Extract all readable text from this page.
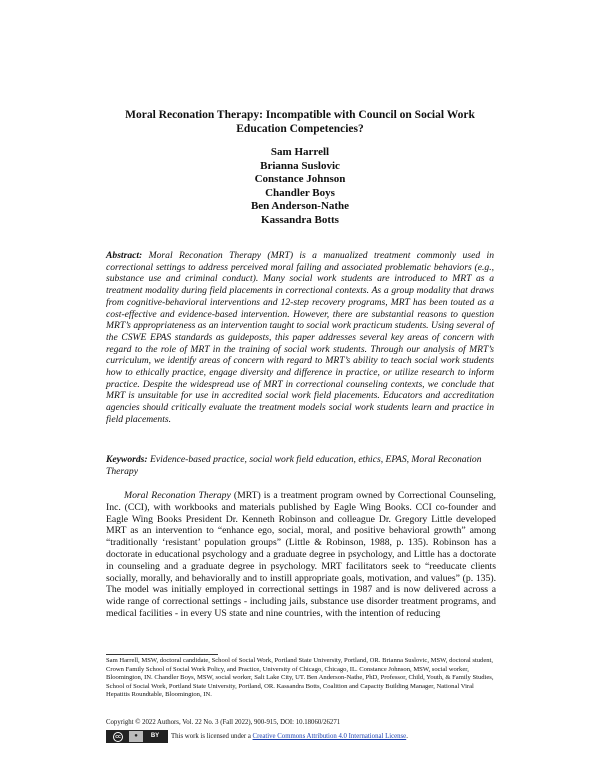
Moral Reconation Therapy: Incompatible with Council on Social Work
Education Competencies?
Sam Harrell
Brianna Suslovic
Constance Johnson
Chandler Boys
Ben Anderson-Nathe
Kassandra Botts
Abstract: Moral Reconation Therapy (MRT) is a manualized treatment commonly used in correctional settings to address perceived moral failing and associated problematic behaviors (e.g., substance use and criminal conduct). Many social work students are introduced to MRT as a treatment modality during field placements in correctional contexts. As a group modality that draws from cognitive-behavioral interventions and 12-step recovery programs, MRT has been touted as a cost-effective and evidence-based intervention. However, there are substantial reasons to question MRT’s appropriateness as an intervention taught to social work practicum students. Using several of the CSWE EPAS standards as guideposts, this paper addresses several key areas of concern with regard to the role of MRT in the training of social work students. Through our analysis of MRT’s curriculum, we identify areas of concern with regard to MRT’s ability to teach social work students how to ethically practice, engage diversity and difference in practice, or utilize research to inform practice. Despite the widespread use of MRT in correctional counseling contexts, we conclude that MRT is unsuitable for use in accredited social work field placements. Educators and accreditation agencies should critically evaluate the treatment models social work students learn and practice in field placements.
Keywords: Evidence-based practice, social work field education, ethics, EPAS, Moral Reconation Therapy
Moral Reconation Therapy (MRT) is a treatment program owned by Correctional Counseling, Inc. (CCI), with workbooks and materials published by Eagle Wing Books. CCI co-founder and Eagle Wing Books President Dr. Kenneth Robinson and colleague Dr. Gregory Little developed MRT as an intervention to “enhance ego, social, moral, and positive behavioral growth” among “traditionally ‘resistant’ population groups” (Little & Robinson, 1988, p. 135). Robinson has a doctorate in educational psychology and a graduate degree in psychology, and Little has a doctorate in counseling and a graduate degree in psychology. MRT facilitators seek to “reeducate clients socially, morally, and behaviorally and to instill appropriate goals, motivation, and values” (p. 135). The model was initially employed in correctional settings in 1987 and is now delivered across a wide range of correctional settings - including jails, substance use disorder treatment programs, and medical facilities - in every US state and nine countries, with the intention of reducing
Sam Harrell, MSW, doctoral candidate, School of Social Work, Portland State University, Portland, OR. Brianna Suslovic, MSW, doctoral student, Crown Family School of Social Work Policy, and Practice, University of Chicago, Chicago, IL. Constance Johnson, MSW, social worker, Bloomington, IN. Chandler Boys, MSW, social worker, Salt Lake City, UT. Ben Anderson-Nathe, PhD, Professor, Child, Youth, & Family Studies, School of Social Work, Portland State University, Portland, OR. Kassandra Botts, Coalition and Capacity Building Manager, National Viral Hepatitis Roundtable, Bloomington, IN.
Copyright © 2022 Authors, Vol. 22 No. 3 (Fall 2022), 900-915, DOI: 10.18060/26271
cc	●	BY	This work is licensed under a
Creative Commons Attribution 4.0 International License .
